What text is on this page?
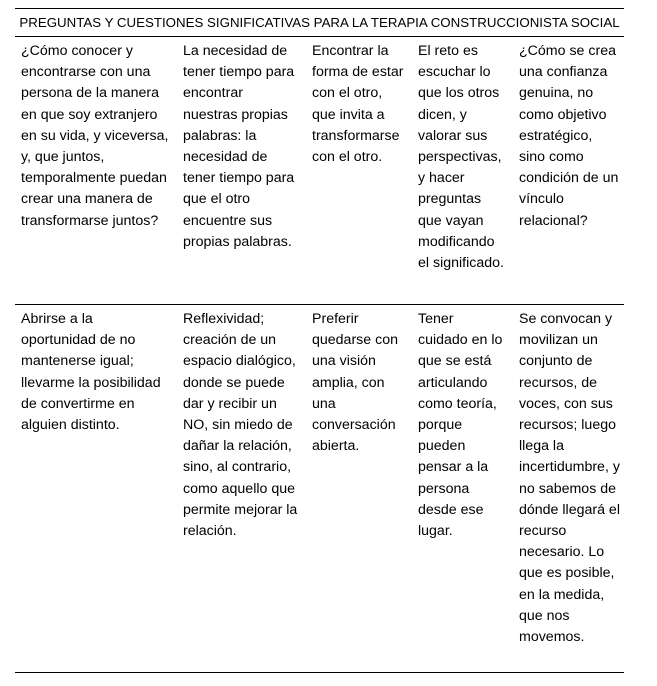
PREGUNTAS Y CUESTIONES SIGNIFICATIVAS PARA LA TERAPIA CONSTRUCCIONISTA SOCIAL
¿Cómo conocer y encontrarse con una persona de la manera en que soy extranjero en su vida, y viceversa, y, que juntos, temporalmente puedan crear una manera de transformarse juntos?
La necesidad de tener tiempo para encontrar nuestras propias palabras: la necesidad de tener tiempo para que el otro encuentre sus propias palabras.
Encontrar la forma de estar con el otro, que invita a transformarse con el otro.
El reto es escuchar lo que los otros dicen, y valorar sus perspectivas, y hacer preguntas que vayan modificando el significado.
¿Cómo se crea una confianza genuina, no como objetivo estratégico, sino como condición de un vínculo relacional?
Abrirse a la oportunidad de no mantenerse igual; llevarme la posibilidad de convertirme en alguien distinto.
Reflexividad; creación de un espacio dialógico, donde se puede dar y recibir un NO, sin miedo de dañar la relación, sino, al contrario, como aquello que permite mejorar la relación.
Preferir quedarse con una visión amplia, con una conversación abierta.
Tener cuidado en lo que se está articulando como teoría, porque pueden pensar a la persona desde ese lugar.
Se convocan y movilizan un conjunto de recursos, de voces, con sus recursos; luego llega la incertidumbre, y no sabemos de dónde llegará el recurso necesario. Lo que es posible, en la medida, que nos movemos.
